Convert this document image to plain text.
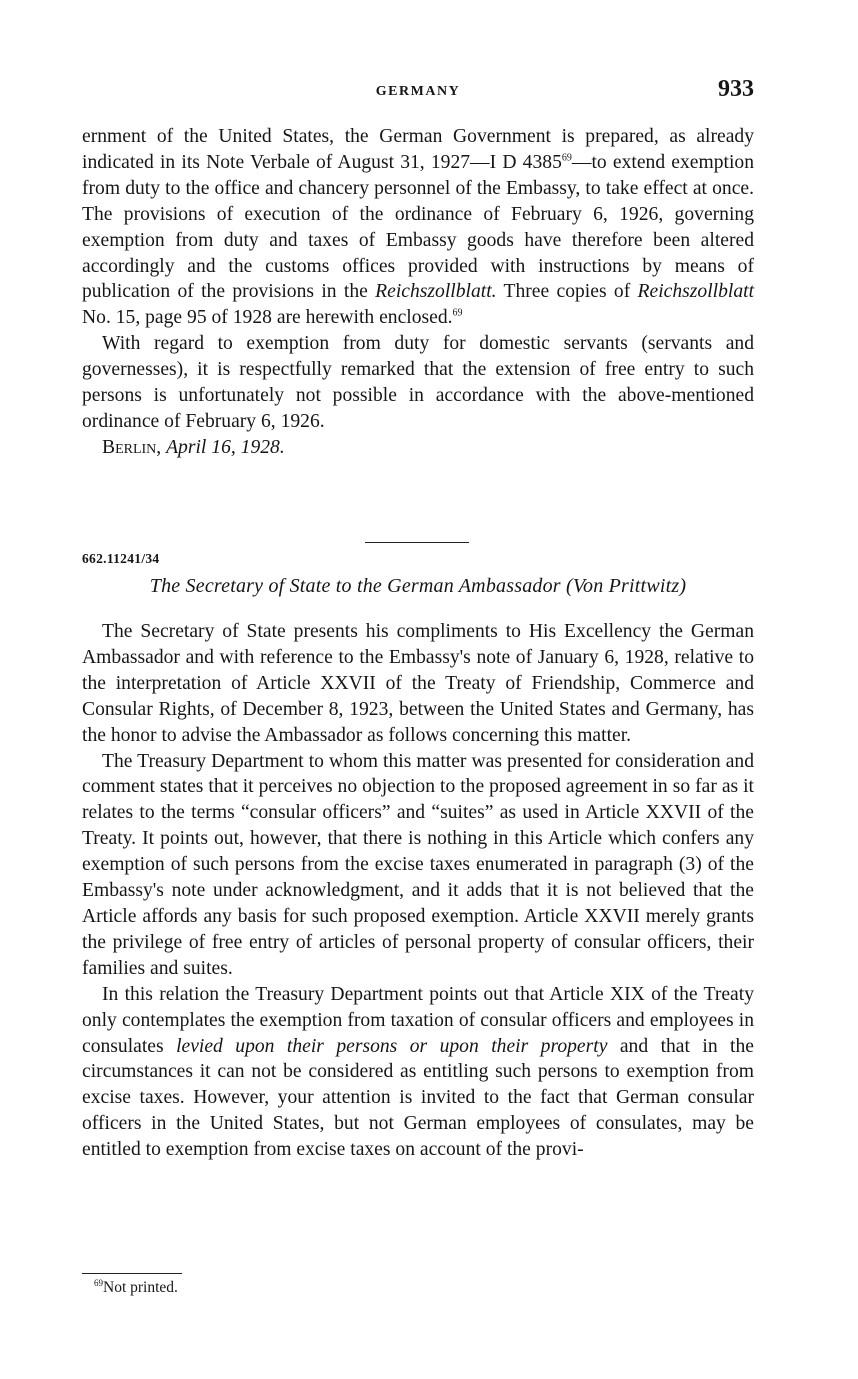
GERMANY	933

ernment of the United States, the German Government is prepared, as already indicated in its Note Verbale of August 31, 1927—I D 4385$^{69}$—to extend exemption from duty to the office and chancery personnel of the Embassy, to take effect at once. The provisions of execution of the ordinance of February 6, 1926, governing exemption from duty and taxes of Embassy goods have therefore been altered accordingly and the customs offices provided with instructions by means of publication of the provisions in the Reichszollblatt. Three copies of Reichszollblatt No. 15, page 95 of 1928 are herewith enclosed.$^{69}$

With regard to exemption from duty for domestic servants (servants and governesses), it is respectfully remarked that the extension of free entry to such persons is unfortunately not possible in accordance with the above-mentioned ordinance of February 6, 1926.

Berlin, April 16, 1928.

662.11241/34
The Secretary of State to the German Ambassador (Von Prittwitz)

The Secretary of State presents his compliments to His Excellency the German Ambassador and with reference to the Embassy's note of January 6, 1928, relative to the interpretation of Article XXVII of the Treaty of Friendship, Commerce and Consular Rights, of December 8, 1923, between the United States and Germany, has the honor to advise the Ambassador as follows concerning this matter.

The Treasury Department to whom this matter was presented for consideration and comment states that it perceives no objection to the proposed agreement in so far as it relates to the terms “consular officers” and “suites” as used in Article XXVII of the Treaty. It points out, however, that there is nothing in this Article which confers any exemption of such persons from the excise taxes enumerated in paragraph (3) of the Embassy's note under acknowledgment, and it adds that it is not believed that the Article affords any basis for such proposed exemption. Article XXVII merely grants the privilege of free entry of articles of personal property of consular officers, their families and suites.

In this relation the Treasury Department points out that Article XIX of the Treaty only contemplates the exemption from taxation of consular officers and employees in consulates levied upon their persons or upon their property and that in the circumstances it can not be considered as entitling such persons to exemption from excise taxes. However, your attention is invited to the fact that German consular officers in the United States, but not German employees of consulates, may be entitled to exemption from excise taxes on account of the provi-

$^{69}$Not printed.
